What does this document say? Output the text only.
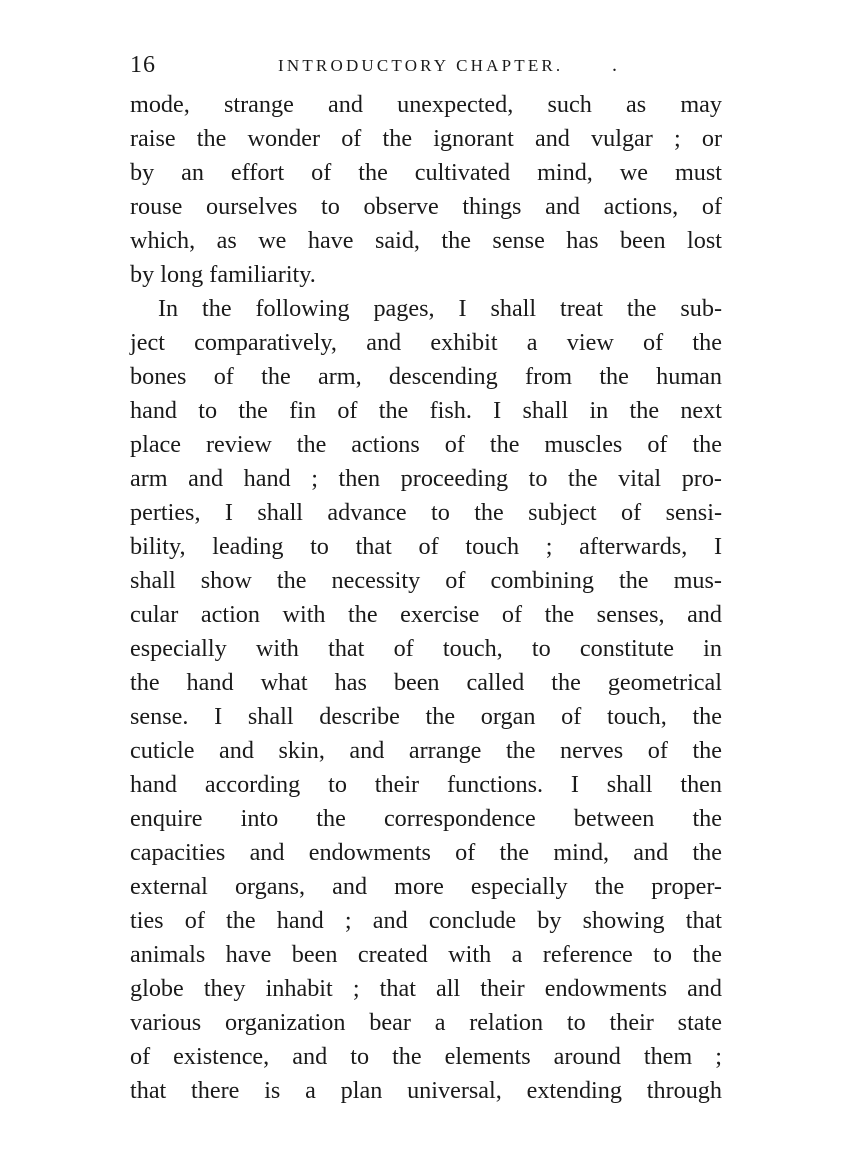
16	INTRODUCTORY CHAPTER. .
mode, strange and unexpected, such as may
raise the wonder of the ignorant and vulgar ; or
by an effort of the cultivated mind, we must
rouse ourselves to observe things and actions, of
which, as we have said, the sense has been lost
by long familiarity.
In the following pages, I shall treat the sub-
ject comparatively, and exhibit a view of the
bones of the arm, descending from the human
hand to the fin of the fish. I shall in the next
place review the actions of the muscles of the
arm and hand ; then proceeding to the vital pro-
perties, I shall advance to the subject of sensi-
bility, leading to that of touch ; afterwards, I
shall show the necessity of combining the mus-
cular action with the exercise of the senses, and
especially with that of touch, to constitute in
the hand what has been called the geometrical
sense. I shall describe the organ of touch, the
cuticle and skin, and arrange the nerves of the
hand according to their functions. I shall then
enquire into the correspondence between the
capacities and endowments of the mind, and the
external organs, and more especially the proper-
ties of the hand ; and conclude by showing that
animals have been created with a reference to the
globe they inhabit ; that all their endowments and
various organization bear a relation to their state
of existence, and to the elements around them ;
that there is a plan universal, extending through
